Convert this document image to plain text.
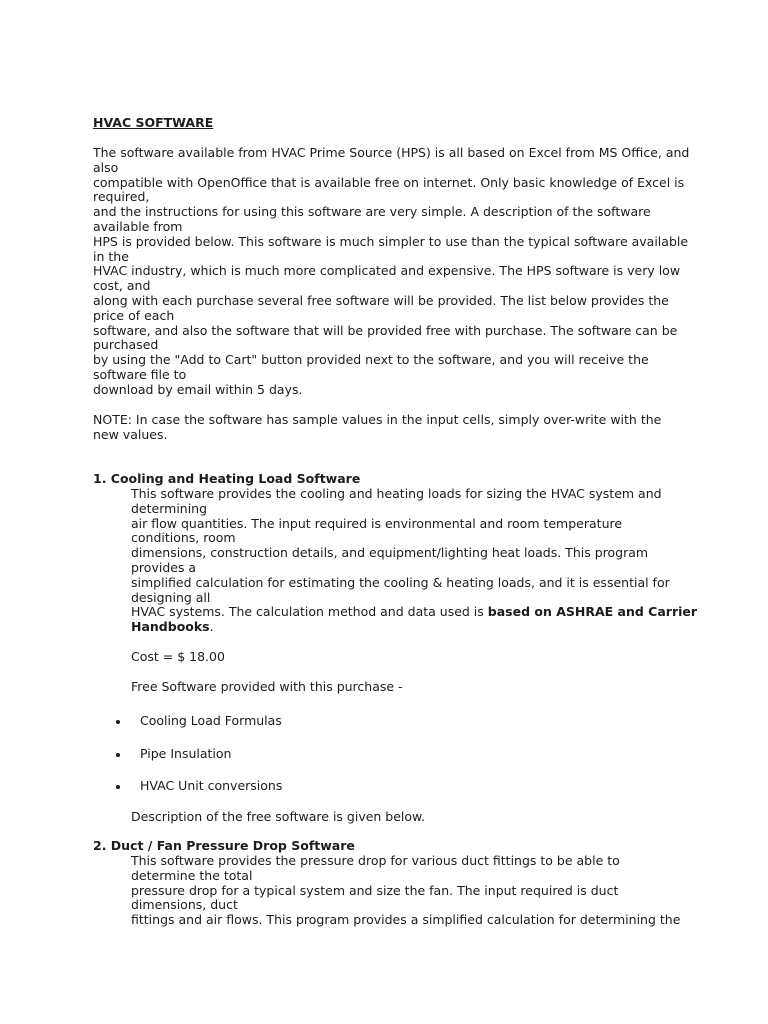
HVAC SOFTWARE
The software available from HVAC Prime Source (HPS) is all based on Excel from MS Office, and
also
compatible with OpenOffice that is available free on internet. Only basic knowledge of Excel is
required,
and the instructions for using this software are very simple. A description of the software
available from
HPS is provided below. This software is much simpler to use than the typical software available
in the
HVAC industry, which is much more complicated and expensive. The HPS software is very low
cost, and
along with each purchase several free software will be provided. The list below provides the
price of each
software, and also the software that will be provided free with purchase. The software can be
purchased
by using the "Add to Cart" button provided next to the software, and you will receive the
software file to
download by email within 5 days.
NOTE: In case the software has sample values in the input cells, simply over-write with the
new values.
1. Cooling and Heating Load Software
This software provides the cooling and heating loads for sizing the HVAC system and
determining
air flow quantities. The input required is environmental and room temperature
conditions, room
dimensions, construction details, and equipment/lighting heat loads. This program
provides a
simplified calculation for estimating the cooling & heating loads, and it is essential for
designing all
HVAC systems. The calculation method and data used is based on ASHRAE and Carrier
Handbooks.
Cost = $ 18.00
Free Software provided with this purchase -
Cooling Load Formulas
Pipe Insulation
HVAC Unit conversions
Description of the free software is given below.
2. Duct / Fan Pressure Drop Software
This software provides the pressure drop for various duct fittings to be able to
determine the total
pressure drop for a typical system and size the fan. The input required is duct
dimensions, duct
fittings and air flows. This program provides a simplified calculation for determining the
